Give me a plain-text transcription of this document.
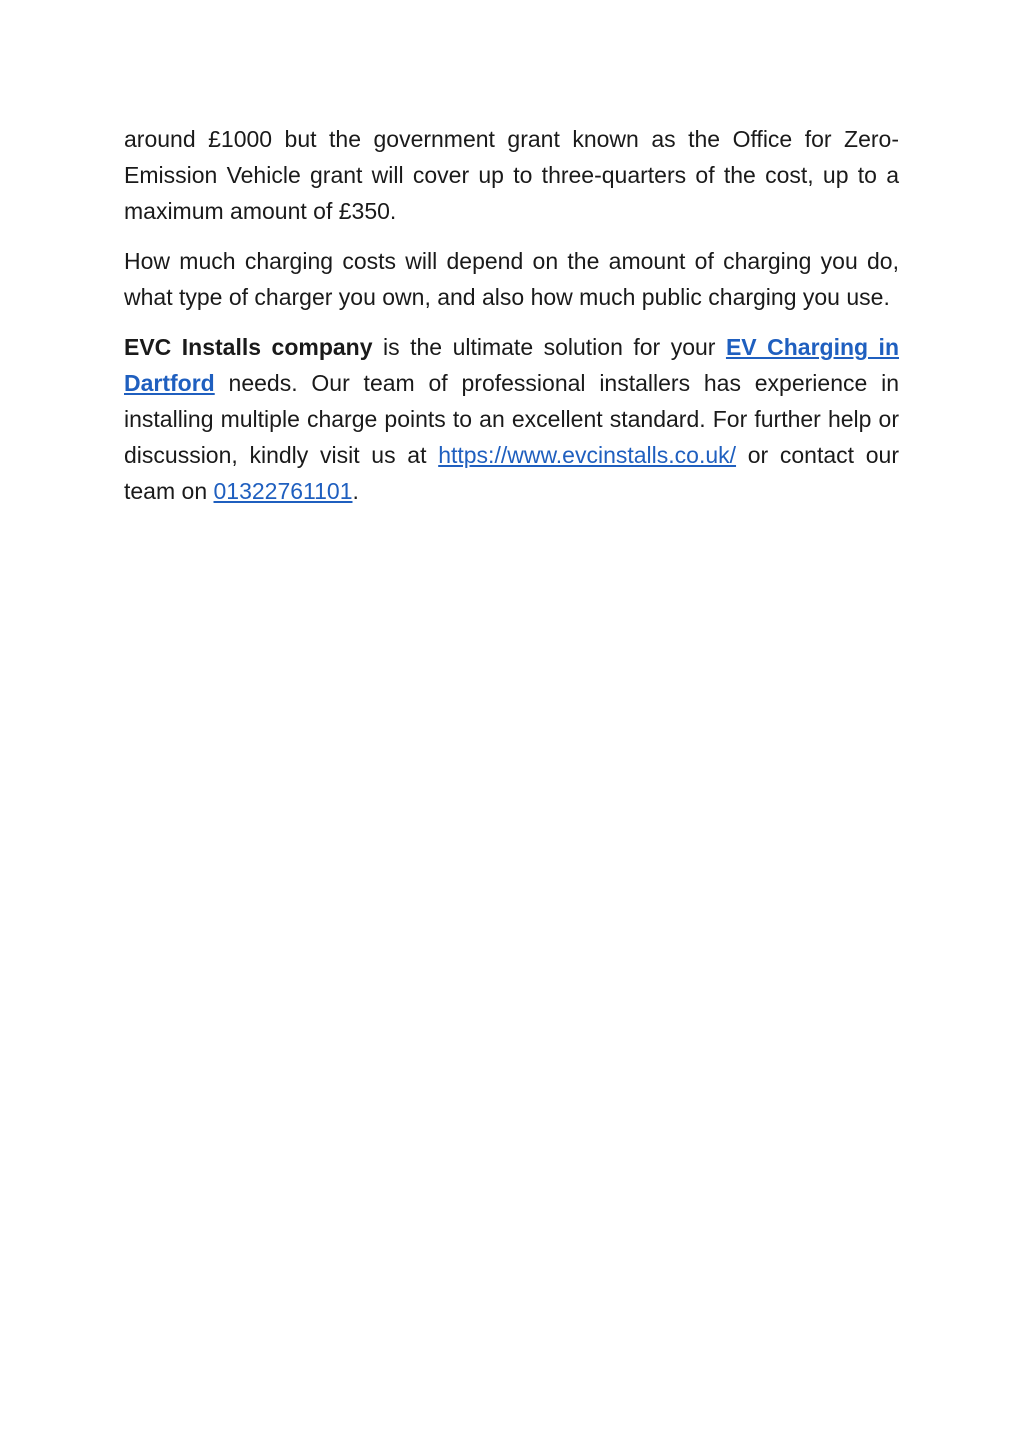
around £1000 but the government grant known as the Office for Zero-Emission Vehicle grant will cover up to three-quarters of the cost, up to a maximum amount of £350.

How much charging costs will depend on the amount of charging you do, what type of charger you own, and also how much public charging you use.

EVC Installs company is the ultimate solution for your EV Charging in Dartford needs. Our team of professional installers has experience in installing multiple charge points to an excellent standard. For further help or discussion, kindly visit us at https://www.evcinstalls.co.uk/ or contact our team on 01322761101.
